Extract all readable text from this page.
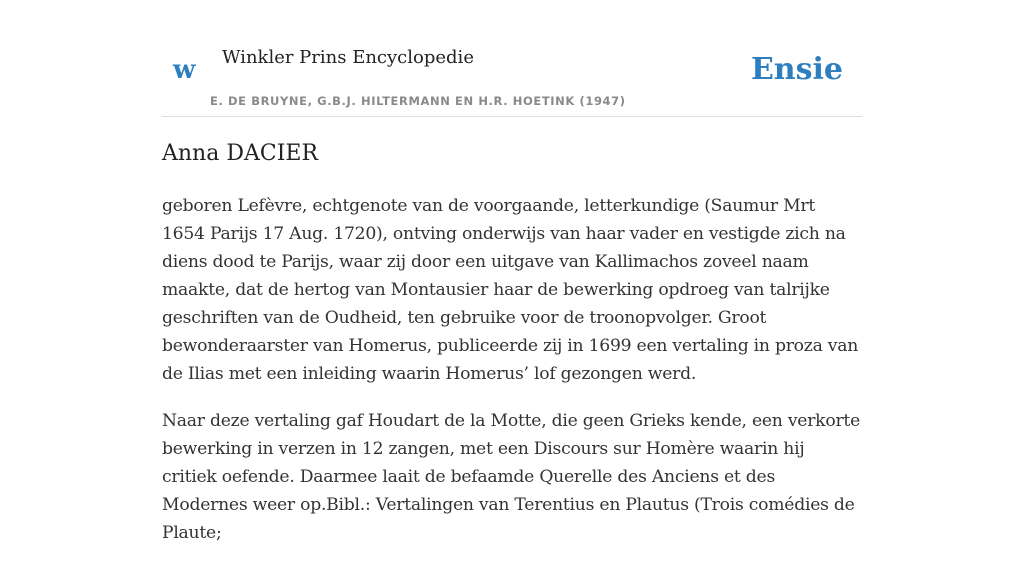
w Winkler Prins Encyclopedie
E. DE BRUYNE, G.B.J. HILTERMANN EN H.R. HOETINK (1947)
Ensie
Anna DACIER

geboren Lefèvre, echtgenote van de voorgaande, letterkundige (Saumur Mrt 1654 Parijs 17 Aug. 1720), ontving onderwijs van haar vader en vestigde zich na diens dood te Parijs, waar zij door een uitgave van Kallimachos zoveel naam maakte, dat de hertog van Montausier haar de bewerking opdroeg van talrijke geschriften van de Oudheid, ten gebruike voor de troonopvolger. Groot bewonderaarster van Homerus, publiceerde zij in 1699 een vertaling in proza van de Ilias met een inleiding waarin Homerus’ lof gezongen werd.

Naar deze vertaling gaf Houdart de la Motte, die geen Grieks kende, een verkorte bewerking in verzen in 12 zangen, met een Discours sur Homère waarin hij critiek oefende. Daarmee laait de befaamde Querelle des Anciens et des Modernes weer op.Bibl.: Vertalingen van Terentius en Plautus (Trois comédies de Plaute;
